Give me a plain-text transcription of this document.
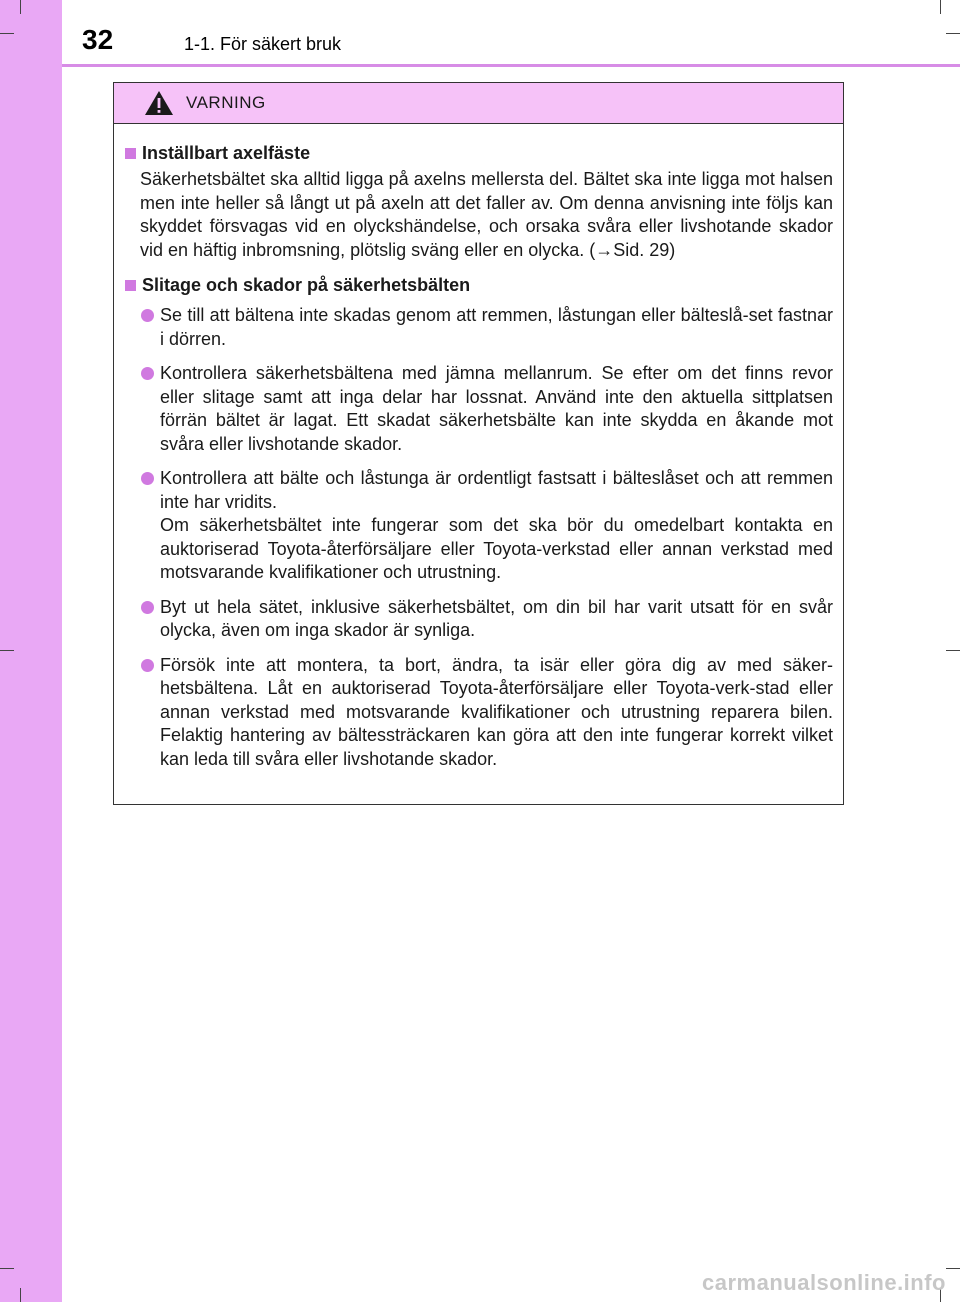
32	1-1. För säkert bruk
VARNING
Inställbart axelfäste
Säkerhetsbältet ska alltid ligga på axelns mellersta del. Bältet ska inte ligga mot halsen men inte heller så långt ut på axeln att det faller av. Om denna anvisning inte följs kan skyddet försvagas vid en olyckshändelse, och orsaka svåra eller livshotande skador vid en häftig inbromsning, plötslig sväng eller en olycka. (→Sid. 29)
Slitage och skador på säkerhetsbälten
Se till att bältena inte skadas genom att remmen, låstungan eller bälteslå-set fastnar i dörren.
Kontrollera säkerhetsbältena med jämna mellanrum. Se efter om det finns revor eller slitage samt att inga delar har lossnat. Använd inte den aktuella sittplatsen förrän bältet är lagat. Ett skadat säkerhetsbälte kan inte skydda en åkande mot svåra eller livshotande skador.
Kontrollera att bälte och låstunga är ordentligt fastsatt i bälteslåset och att remmen inte har vridits.
Om säkerhetsbältet inte fungerar som det ska bör du omedelbart kontakta en auktoriserad Toyota-återförsäljare eller Toyota-verkstad eller annan verkstad med motsvarande kvalifikationer och utrustning.
Byt ut hela sätet, inklusive säkerhetsbältet, om din bil har varit utsatt för en svår olycka, även om inga skador är synliga.
Försök inte att montera, ta bort, ändra, ta isär eller göra dig av med säker-hetsbältena. Låt en auktoriserad Toyota-återförsäljare eller Toyota-verk-stad eller annan verkstad med motsvarande kvalifikationer och utrustning reparera bilen. Felaktig hantering av bältessträckaren kan göra att den inte fungerar korrekt vilket kan leda till svåra eller livshotande skador.
carmanualsonline.info
